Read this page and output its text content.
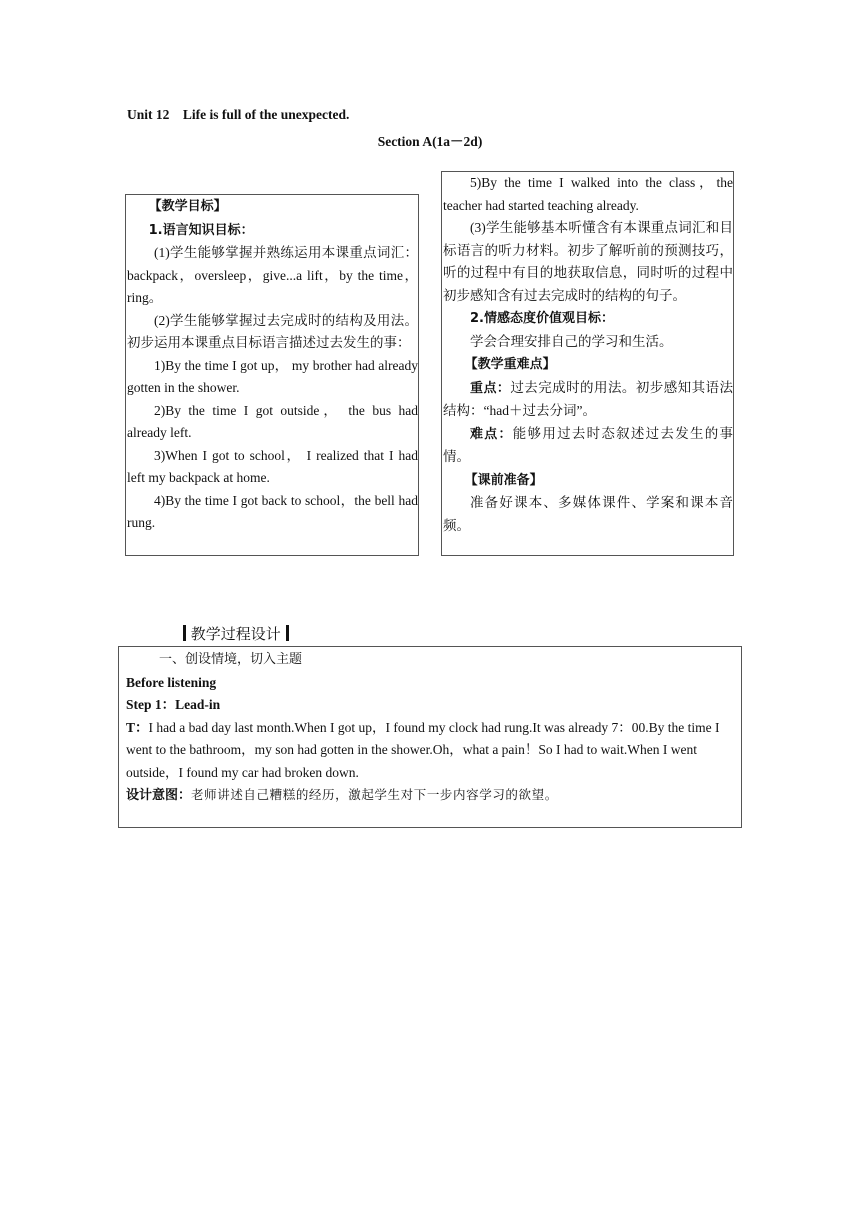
Unit 12    Life is full of the unexpected.
Section A(1a－2d)

【教学目标】

1.语言知识目标：

(1)学生能够掌握并熟练运用本课重点词汇：backpack，oversleep，give...a lift，by the time，ring。

(2)学生能够掌握过去完成时的结构及用法。初步运用本课重点目标语言描述过去发生的事：

1)By the time I got up， my brother had already gotten in the shower.

2)By the time I got outside， the bus had already left.

3)When I got to school， I realized that I had left my backpack at home.

4)By the time I got back to school，the bell had rung.

5)By the time I walked into the class，the teacher had started teaching already.

(3)学生能够基本听懂含有本课重点词汇和目标语言的听力材料。初步了解听前的预测技巧，听的过程中有目的地获取信息，同时听的过程中初步感知含有过去完成时的结构的句子。

2.情感态度价值观目标：

学会合理安排自己的学习和生活。

【教学重难点】

重点：过去完成时的用法。初步感知其语法结构：“had＋过去分词”。

难点：能够用过去时态叙述过去发生的事情。

【课前准备】

准备好课本、多媒体课件、学案和课本音频。

教学过程设计

一、创设情境，切入主题

Before listening

Step 1：Lead-in

T：I had a bad day last month.When I got up，I found my clock had rung.It was already 7：00.By the time I went to the bathroom，my son had gotten in the shower.Oh，what a pain！So I had to wait.When I went outside，I found my car had broken down.

设计意图：老师讲述自己糟糕的经历，激起学生对下一步内容学习的欲望。
